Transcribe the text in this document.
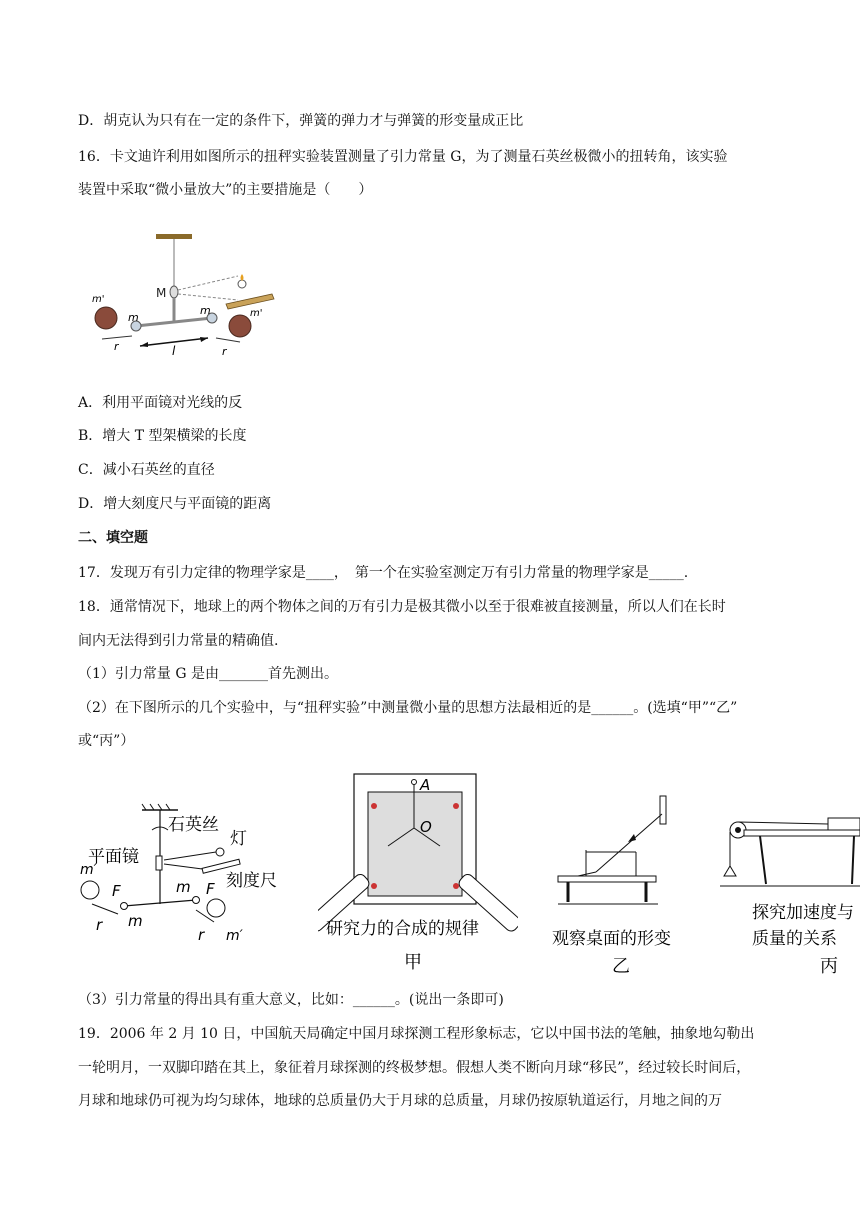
D．胡克认为只有在一定的条件下，弹簧的弹力才与弹簧的形变量成正比
16．卡文迪许利用如图所示的扭秤实验装置测量了引力常量 G，为了测量石英丝极微小的扭转角，该实验
装置中采取“微小量放大”的主要措施是（　　）
M
m
m
m'
m'
r	l	r
A．利用平面镜对光线的反
B．增大 T 型架横梁的长度
C．减小石英丝的直径
D．增大刻度尺与平面镜的距离
二、填空题
17．发现万有引力定律的物理学家是____，　第一个在实验室测定万有引力常量的物理学家是_____.
18．通常情况下，地球上的两个物体之间的万有引力是极其微小以至于很难被直接测量，所以人们在长时
间内无法得到引力常量的精确值.
（1）引力常量 G 是由_______首先测出。
（2）在下图所示的几个实验中，与“扭秤实验”中测量微小量的思想方法最相近的是______。(选填“甲”“乙”
或“丙”）
石英丝
灯
平面镜
刻度尺
m′
F
m
m F
r
r m′
A
O
研究力的合成的规律
甲
观察桌面的形变
乙
探究加速度与
质量的关系
丙
（3）引力常量的得出具有重大意义，比如：______。(说出一条即可)
19．2006 年 2 月 10 日，中国航天局确定中国月球探测工程形象标志，它以中国书法的笔触，抽象地勾勒出
一轮明月，一双脚印踏在其上，象征着月球探测的终极梦想。假想人类不断向月球“移民”，经过较长时间后，
月球和地球仍可视为均匀球体，地球的总质量仍大于月球的总质量，月球仍按原轨道运行，月地之间的万
